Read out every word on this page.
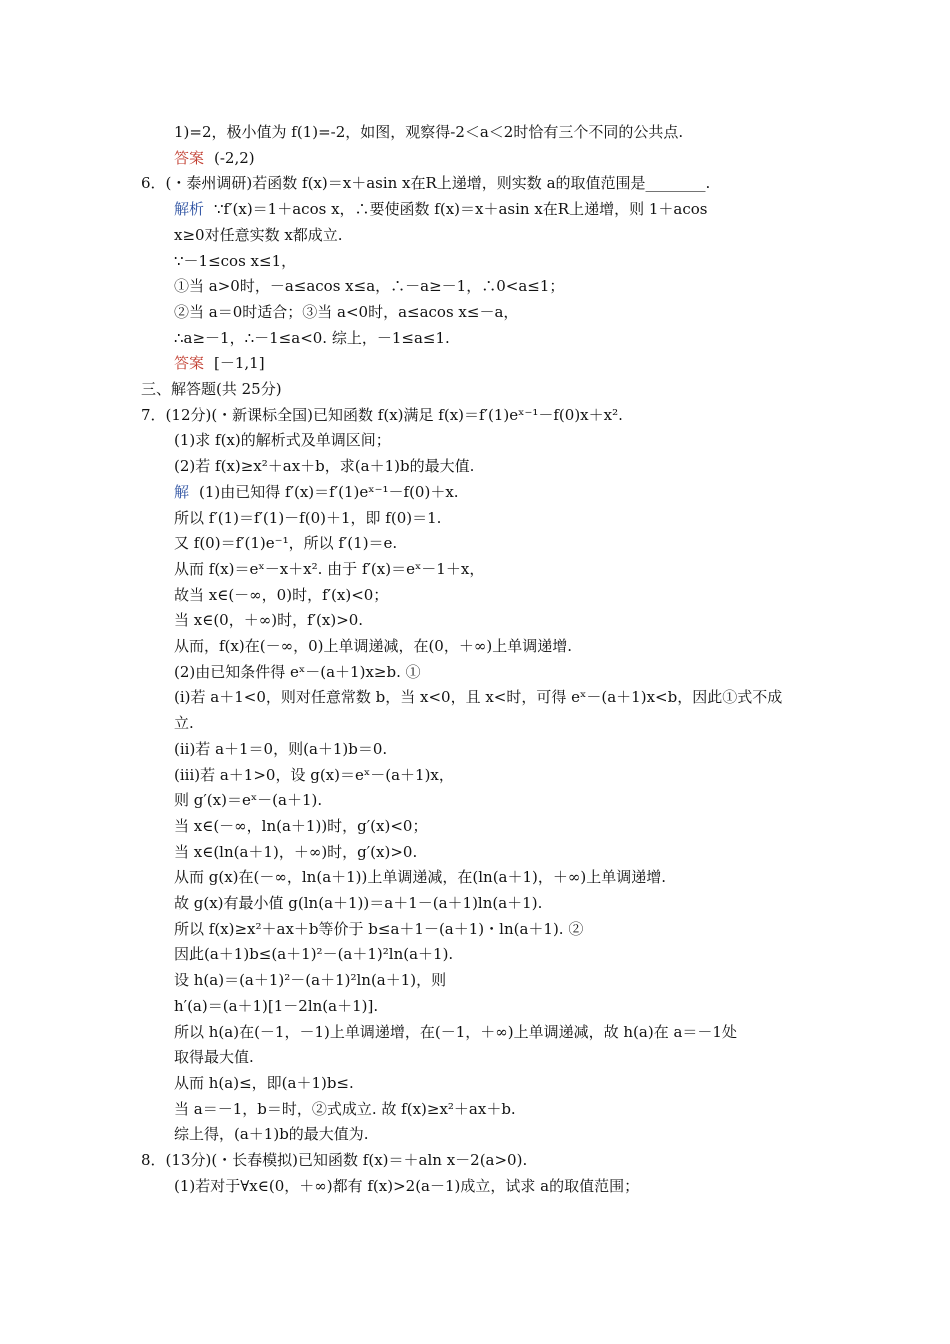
1)=2，极小值为 f(1)=-2，如图，观察得-2＜a＜2时恰有三个不同的公共点.
答案 (-2,2)
6．(・泰州调研)若函数 f(x)＝x＋asin x在R上递增，则实数 a的取值范围是________.
解析 ∵f′(x)＝1＋acos x，∴要使函数 f(x)＝x＋asin x在R上递增，则 1＋acos
x≥0对任意实数 x都成立.
∵－1≤cos x≤1，
①当 a>0时，－a≤acos x≤a，∴－a≥－1，∴0<a≤1；
②当 a＝0时适合；③当 a<0时，a≤acos x≤－a，
∴a≥－1，∴－1≤a<0. 综上，－1≤a≤1.
答案 [－1,1]
三、解答题(共 25分)
7．(12分)(・新课标全国)已知函数 f(x)满足 f(x)＝f′(1)eˣ⁻¹－f(0)x＋x².
(1)求 f(x)的解析式及单调区间；
(2)若 f(x)≥x²＋ax＋b，求(a＋1)b的最大值.
解 (1)由已知得 f′(x)＝f′(1)eˣ⁻¹－f(0)＋x.
所以 f′(1)＝f′(1)－f(0)＋1，即 f(0)＝1.
又 f(0)＝f′(1)e⁻¹，所以 f′(1)＝e.
从而 f(x)＝eˣ－x＋x². 由于 f′(x)＝eˣ－1＋x，
故当 x∈(－∞，0)时，f′(x)<0；
当 x∈(0，＋∞)时，f′(x)>0.
从而，f(x)在(－∞，0)上单调递减，在(0，＋∞)上单调递增.
(2)由已知条件得 eˣ－(a＋1)x≥b. ①
(i)若 a＋1<0，则对任意常数 b，当 x<0，且 x<时，可得 eˣ－(a＋1)x<b，因此①式不成
立.
(ii)若 a＋1＝0，则(a＋1)b＝0.
(iii)若 a＋1>0，设 g(x)＝eˣ－(a＋1)x，
则 g′(x)＝eˣ－(a＋1).
当 x∈(－∞，ln(a＋1))时，g′(x)<0；
当 x∈(ln(a＋1)，＋∞)时，g′(x)>0.
从而 g(x)在(－∞，ln(a＋1))上单调递减，在(ln(a＋1)，＋∞)上单调递增.
故 g(x)有最小值 g(ln(a＋1))＝a＋1－(a＋1)ln(a＋1).
所以 f(x)≥x²＋ax＋b等价于 b≤a＋1－(a＋1)・ln(a＋1). ②
因此(a＋1)b≤(a＋1)²－(a＋1)²ln(a＋1).
设 h(a)＝(a＋1)²－(a＋1)²ln(a＋1)，则
h′(a)＝(a＋1)[1－2ln(a＋1)].
所以 h(a)在(－1，－1)上单调递增，在(－1，＋∞)上单调递减，故 h(a)在 a＝－1处
取得最大值.
从而 h(a)≤，即(a＋1)b≤.
当 a＝－1，b＝时，②式成立. 故 f(x)≥x²＋ax＋b.
综上得，(a＋1)b的最大值为.
8．(13分)(・长春模拟)已知函数 f(x)＝＋aln x－2(a>0).
(1)若对于∀x∈(0，＋∞)都有 f(x)>2(a－1)成立，试求 a的取值范围；
